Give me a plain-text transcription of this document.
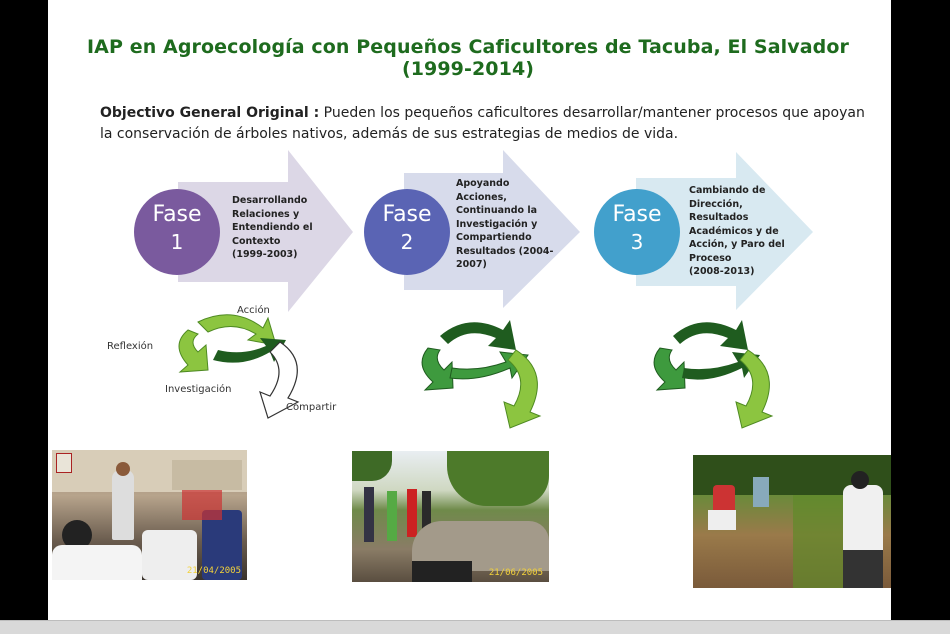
IAP en Agroecología con Pequeños Caficultores de Tacuba, El Salvador (1999-2014)
Objectivo General Original : Pueden los pequeños caficultores desarrollar/mantener procesos que apoyan la conservación de árboles nativos, además de sus estrategias de medios de vida.
Fase
1
Fase
2
Fase
3
Desarrollando
Relaciones y
Entendiendo el
Contexto
(1999-2003)
Apoyando
Acciones,
Continuando la
Investigación y
Compartiendo
Resultados (2004-
2007)
Cambiando de
Dirección,
Resultados
Académicos y de
Acción, y Paro del
Proceso
(2008-2013)
Acción
Reflexión
Investigación
Compartir
21/04/2005	21/06/2005
